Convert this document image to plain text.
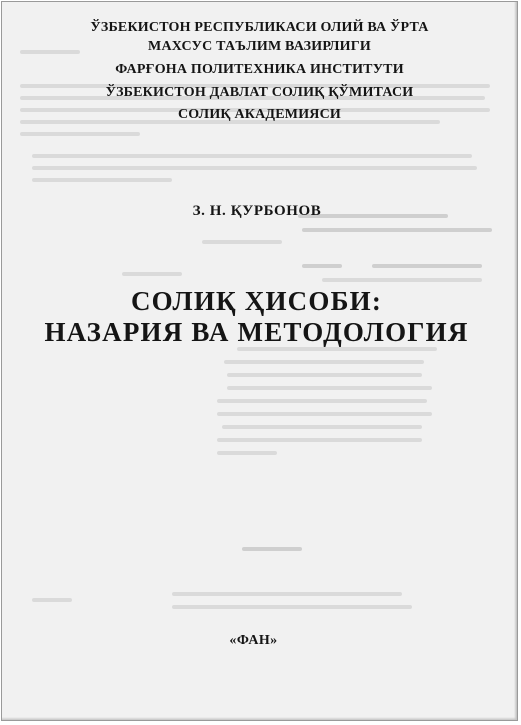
ЎЗБЕКИСТОН РЕСПУБЛИКАСИ ОЛИЙ ВА ЎРТА
МАХСУС ТАЪЛИМ ВАЗИРЛИГИ
ФАРҒОНА ПОЛИТЕХНИКА ИНСТИТУТИ
ЎЗБЕКИСТОН ДАВЛАТ СОЛИҚ ҚЎМИТАСИ
СОЛИҚ АКАДЕМИЯСИ
З. Н. ҚУРБОНОВ
СОЛИҚ ҲИСОБИ:
НАЗАРИЯ ВА МЕТОДОЛОГИЯ
«ФАН»
